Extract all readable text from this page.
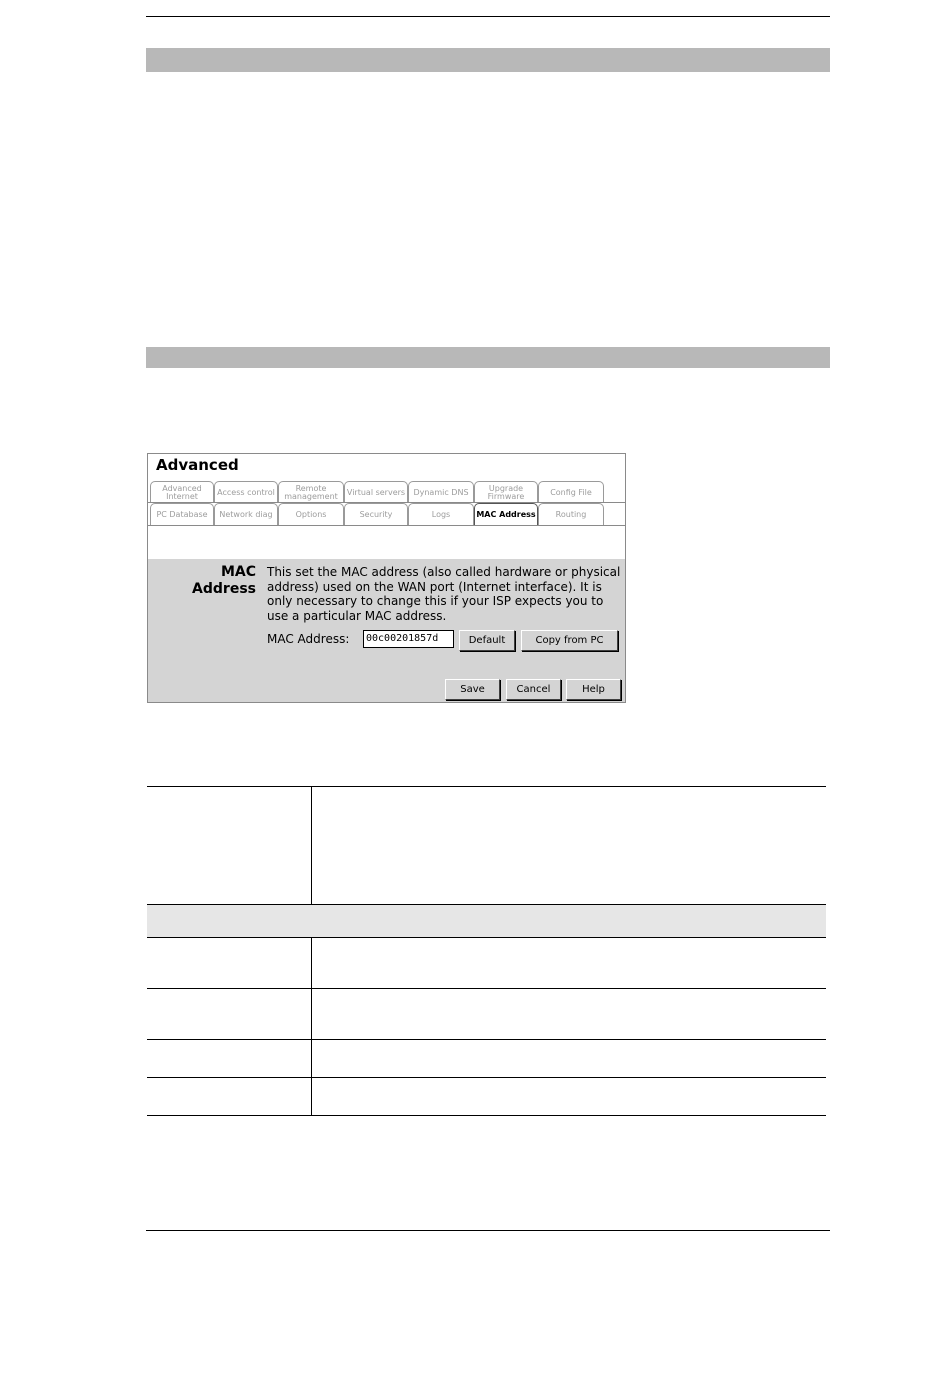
Advanced
Advanced Internet	Access control	Remote management	Virtual servers	Dynamic DNS	Upgrade Firmware	Config File
PC Database	Network diag	Options	Security	Logs	MAC Address	Routing
MAC
Address
This set the MAC address (also called hardware or physical address) used on the WAN port (Internet interface). It is only necessary to change this if your ISP expects you to use a particular MAC address.
MAC Address:	00c00201857d	Default	Copy from PC
Save	Cancel	Help
